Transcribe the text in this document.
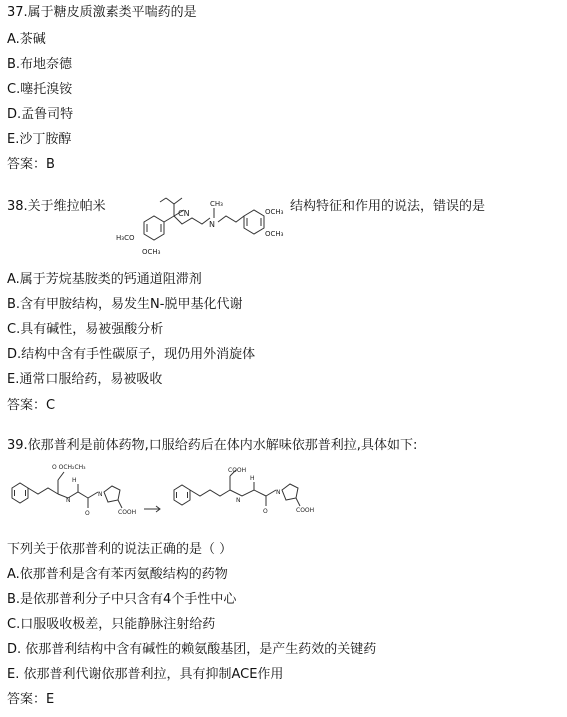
37.属于糖皮质激素类平喘药的是
A.茶碱
B.布地奈德
C.噻托溴铵
D.孟鲁司特
E.沙丁胺醇
答案：B
38.关于维拉帕米	CN
N
CH₃
OCH₃
OCH₃
H₃CO
OCH₃
结构特征和作用的说法，错误的是
A.属于芳烷基胺类的钙通道阻滞剂
B.含有甲胺结构，易发生N-脱甲基化代谢
C.具有碱性，易被强酸分析
D.结构中含有手性碳原子，现仍用外消旋体
E.通常口服给药，易被吸收
答案：C
39.依那普利是前体药物,口服给药后在体内水解味依那普利拉,具体如下:
O OCH₂CH₃
N
H
O
N
COOH
COOH
N
H
O
N
COOH
下列关于依那普利的说法正确的是（ ）
A.依那普利是含有苯丙氨酸结构的药物
B.是依那普利分子中只含有4个手性中心
C.口服吸收极差，只能静脉注射给药
D. 依那普利结构中含有碱性的赖氨酸基团，是产生药效的关键药
E. 依那普利代谢依那普利拉，具有抑制ACE作用
答案：E
